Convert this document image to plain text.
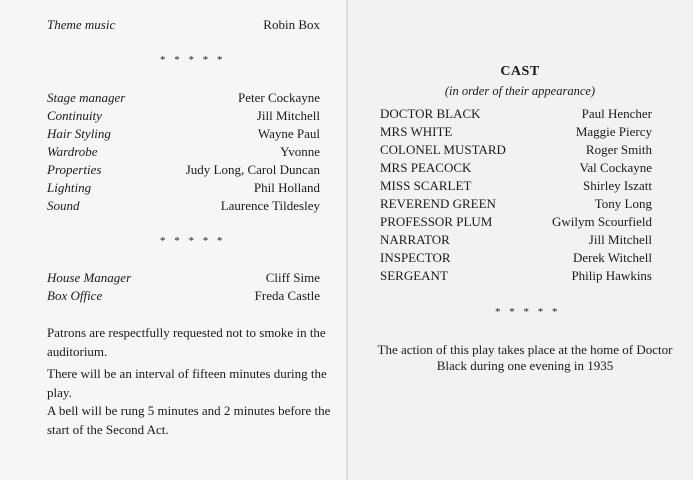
Theme music	Robin Box
* * * * *
Stage manager	Peter Cockayne
Continuity	Jill Mitchell
Hair Styling	Wayne Paul
Wardrobe	Yvonne
Properties	Judy Long, Carol Duncan
Lighting	Phil Holland
Sound	Laurence Tildesley
* * * * *
House Manager	Cliff Sime
Box Office	Freda Castle
Patrons are respectfully requested not to smoke in the auditorium.
There will be an interval of fifteen minutes during the play.
A bell will be rung 5 minutes and 2 minutes before the start of the Second Act.
CAST
(in order of their appearance)
DOCTOR BLACK	Paul Hencher
MRS WHITE	Maggie Piercy
COLONEL MUSTARD	Roger Smith
MRS PEACOCK	Val Cockayne
MISS SCARLET	Shirley Iszatt
REVEREND GREEN	Tony Long
PROFESSOR PLUM	Gwilym Scourfield
NARRATOR	Jill Mitchell
INSPECTOR	Derek Witchell
SERGEANT	Philip Hawkins
* * * * *
The action of this play takes place at the home of Doctor Black during one evening in 1935
